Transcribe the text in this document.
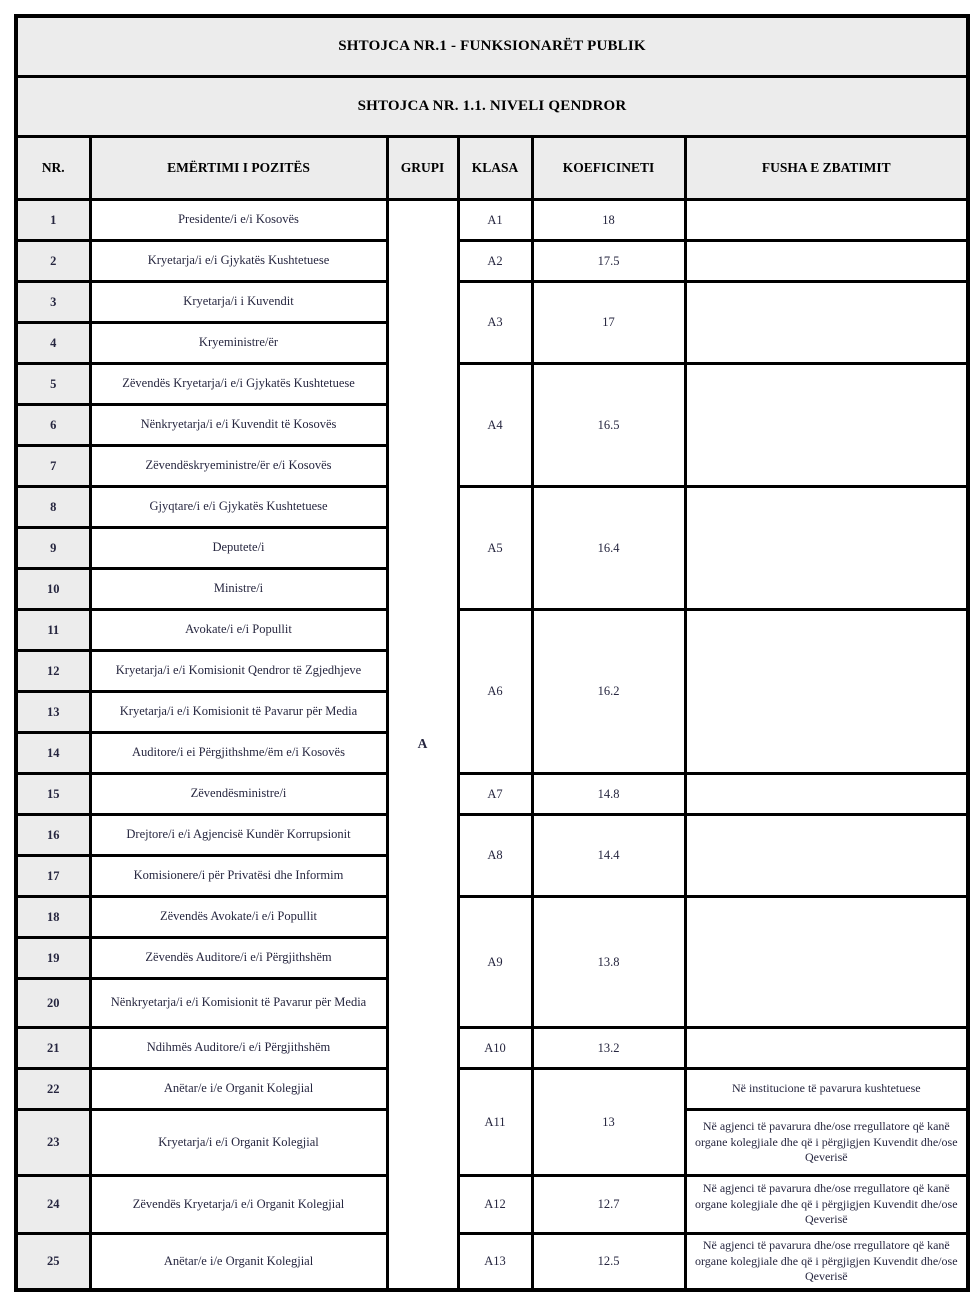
SHTOJCA NR.1 - FUNKSIONARËT PUBLIK					
SHTOJCA NR. 1.1. NIVELI QENDROR					
NR.	EMËRTIMI I POZITËS	GRUPI	KLASA	KOEFICINETI	FUSHA E ZBATIMIT
1	Presidente/i e/i Kosovës	A	A1	18	
2	Kryetarja/i e/i Gjykatës Kushtetuese		A2	17.5	
3	Kryetarja/i i Kuvendit		A3	17	
4	Kryeministre/ër				
5	Zëvendës Kryetarja/i e/i Gjykatës Kushtetuese		A4	16.5	
6	Nënkryetarja/i e/i Kuvendit të Kosovës				
7	Zëvendëskryeministre/ër e/i Kosovës				
8	Gjyqtare/i e/i Gjykatës Kushtetuese		A5	16.4	
9	Deputete/i				
10	Ministre/i				
11	Avokate/i e/i Popullit		A6	16.2	
12	Kryetarja/i e/i Komisionit Qendror të Zgjedhjeve				
13	Kryetarja/i e/i Komisionit të Pavarur për Media				
14	Auditore/i ei Përgjithshme/ëm e/i Kosovës				
15	Zëvendësministre/i		A7	14.8	
16	Drejtore/i e/i Agjencisë Kundër Korrupsionit		A8	14.4	
17	Komisionere/i për Privatësi dhe Informim				
18	Zëvendës Avokate/i e/i Popullit		A9	13.8	
19	Zëvendës Auditore/i e/i Përgjithshëm				
20	Nënkryetarja/i e/i Komisionit të Pavarur për Media				
21	Ndihmës Auditore/i e/i Përgjithshëm		A10	13.2	
22	Anëtar/e i/e Organit Kolegjial		A11	13	Në institucione të pavarura kushtetuese
23	Kryetarja/i e/i Organit Kolegjial				Në agjenci të pavarura dhe/ose rregullatore që kanë organe kolegjiale dhe që i përgjigjen Kuvendit dhe/ose Qeverisë
24	Zëvendës Kryetarja/i e/i Organit Kolegjial		A12	12.7	Në agjenci të pavarura dhe/ose rregullatore që kanë organe kolegjiale dhe që i përgjigjen Kuvendit dhe/ose Qeverisë
25	Anëtar/e i/e Organit Kolegjial		A13	12.5	Në agjenci të pavarura dhe/ose rregullatore që kanë organe kolegjiale dhe që i përgjigjen Kuvendit dhe/ose Qeverisë
